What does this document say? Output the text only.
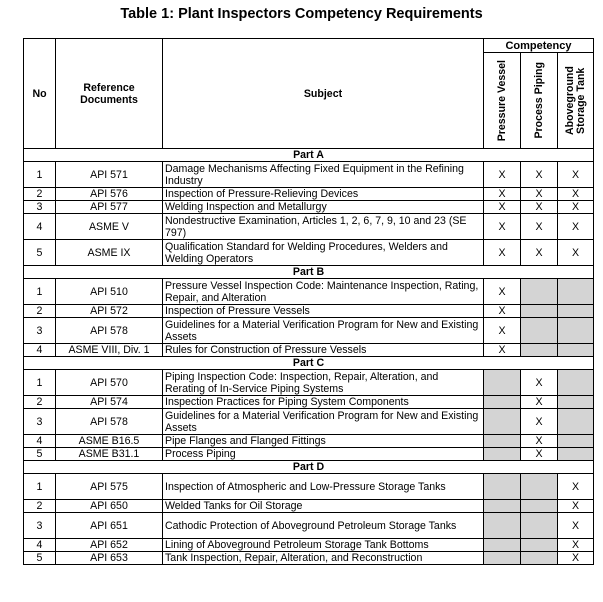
Table 1: Plant Inspectors Competency Requirements
No	Reference Documents	Subject	Competency		

			Pressure Vessel	Process Piping	Aboveground Storage Tank

Part A					
1	API 571	Damage Mechanisms Affecting Fixed Equipment in the Refining Industry	X	X	X
2	API 576	Inspection of Pressure-Relieving Devices	X	X	X
3	API 577	Welding Inspection and Metallurgy	X	X	X
4	ASME V	Nondestructive Examination, Articles 1, 2, 6, 7, 9, 10 and 23 (SE 797)	X	X	X
5	ASME IX	Qualification Standard for Welding Procedures, Welders and Welding Operators	X	X	X
Part B					
1	API 510	Pressure Vessel Inspection Code: Maintenance Inspection, Rating, Repair, and Alteration	X		
2	API 572	Inspection of Pressure Vessels	X		
3	API 578	Guidelines for a Material Verification Program for New and Existing Assets	X		
4	ASME VIII, Div. 1	Rules for Construction of Pressure Vessels	X		
Part C					
1	API 570	Piping Inspection Code: Inspection, Repair, Alteration, and Rerating of In-Service Piping Systems		X	
2	API 574	Inspection Practices for Piping System Components		X	
3	API 578	Guidelines for a Material Verification Program for New and Existing Assets		X	
4	ASME B16.5	Pipe Flanges and Flanged Fittings		X	
5	ASME B31.1	Process Piping		X	
Part D					
1	API 575	Inspection of Atmospheric and Low-Pressure Storage Tanks			X
2	API 650	Welded Tanks for Oil Storage			X
3	API 651	Cathodic Protection of Aboveground Petroleum Storage Tanks			X
4	API 652	Lining of Aboveground Petroleum Storage Tank Bottoms			X
5	API 653	Tank Inspection, Repair, Alteration, and Reconstruction			X
